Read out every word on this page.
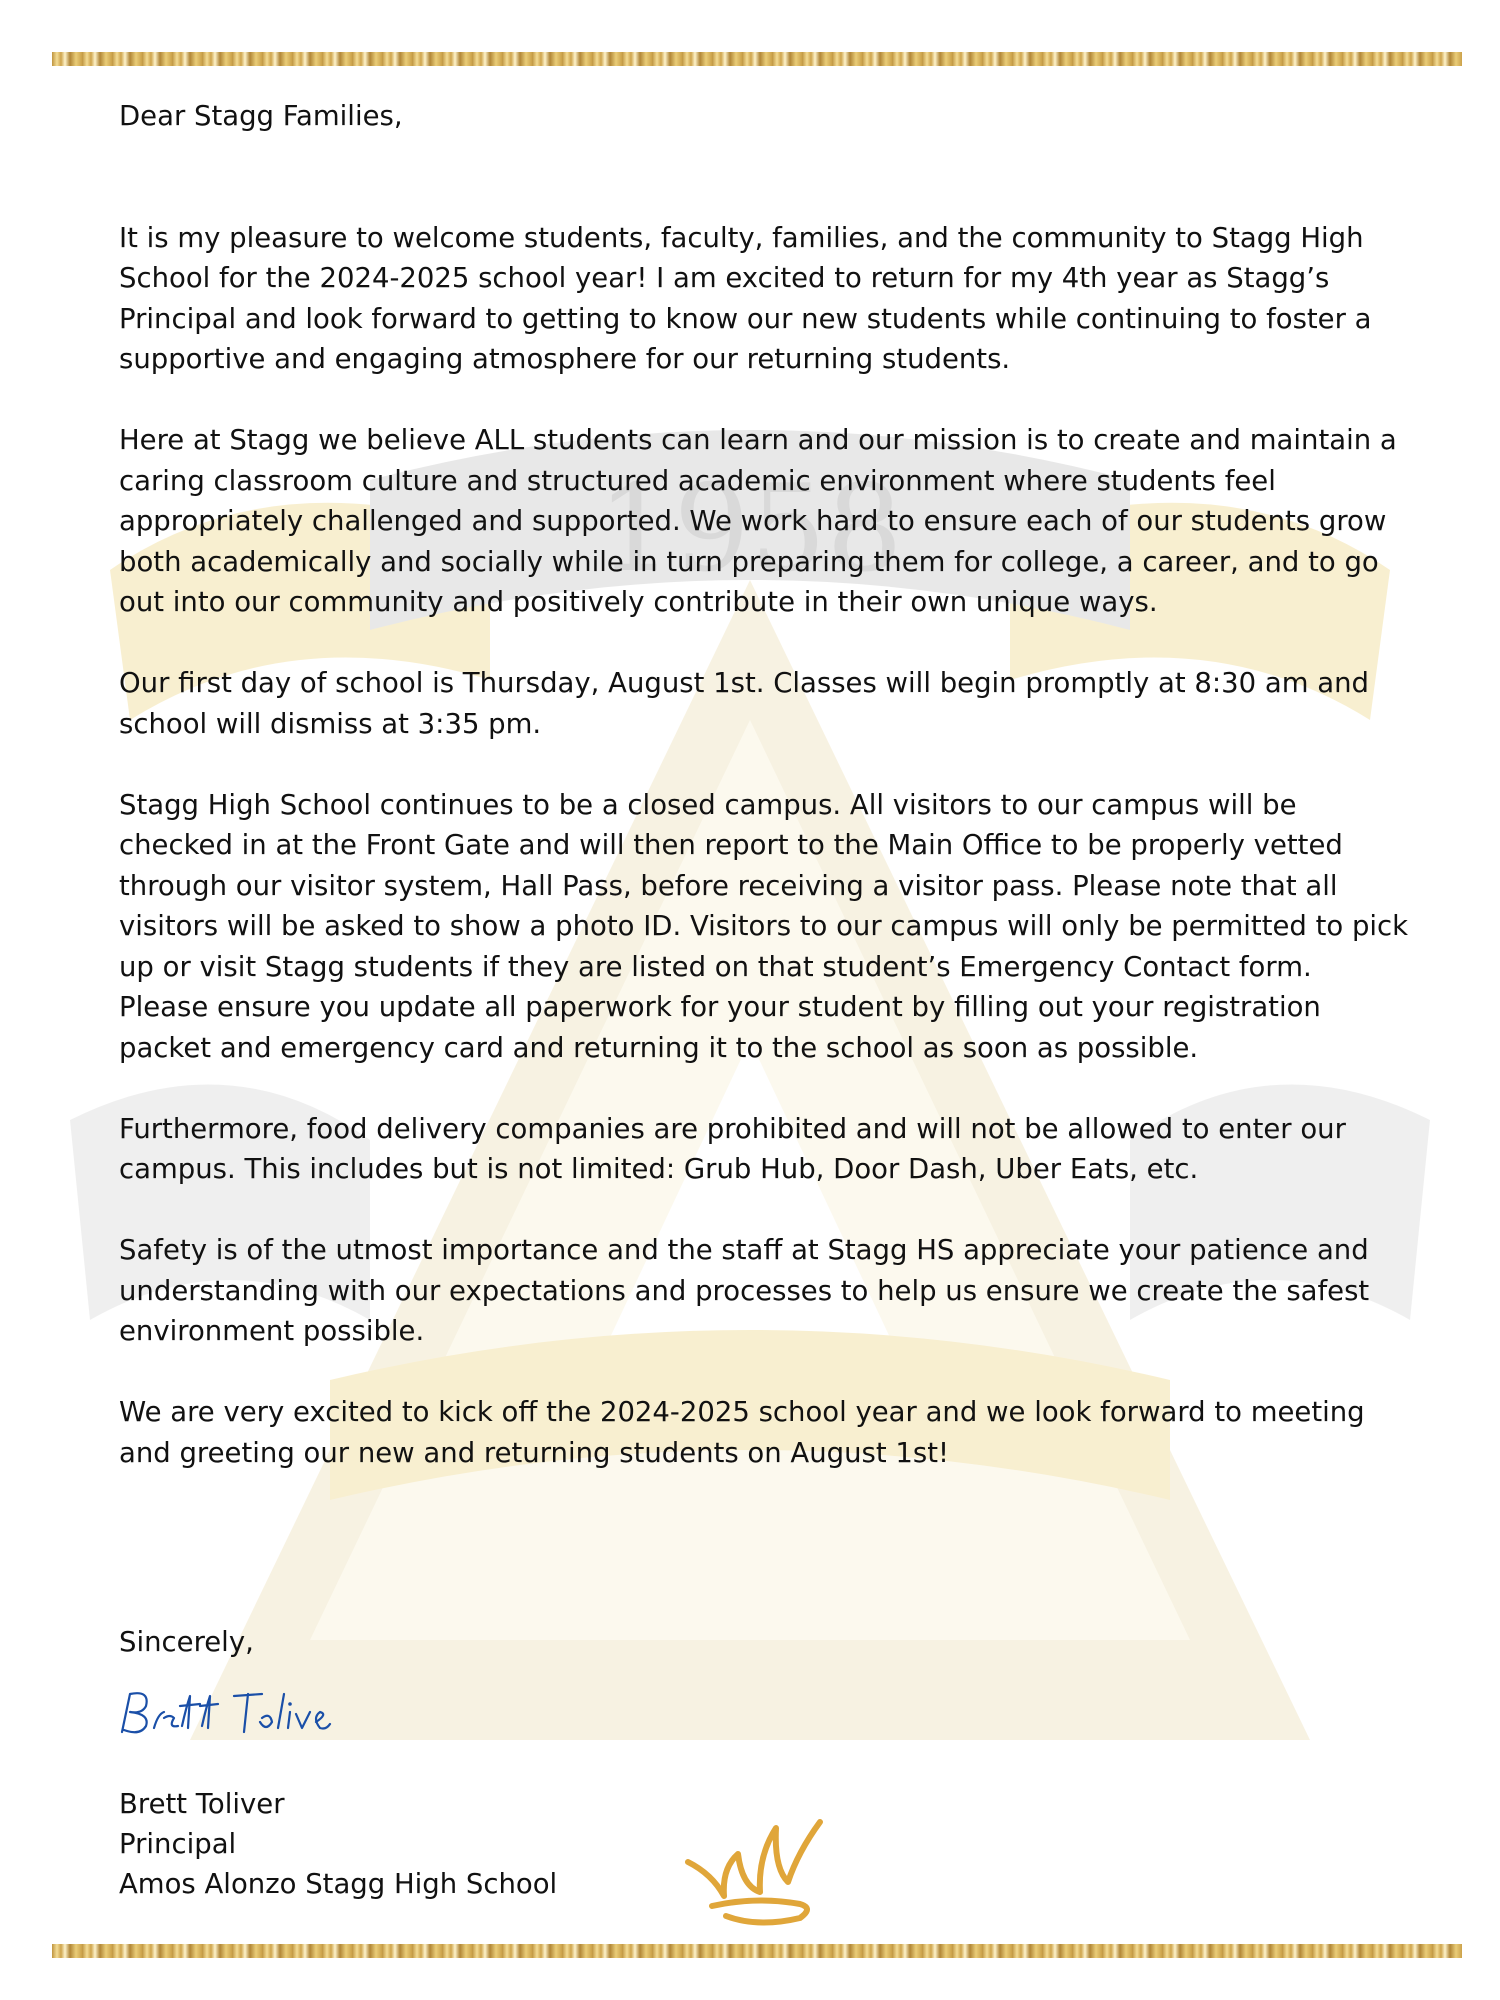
1958

Dear Stagg Families,

It is my pleasure to welcome students, faculty, families, and the community to Stagg High School for the 2024-2025 school year! I am excited to return for my 4th year as Stagg’s Principal and look forward to getting to know our new students while continuing to foster a supportive and engaging atmosphere for our returning students.

Here at Stagg we believe ALL students can learn and our mission is to create and maintain a caring classroom culture and structured academic environment where students feel appropriately challenged and supported. We work hard to ensure each of our students grow both academically and socially while in turn preparing them for college, a career, and to go out into our community and positively contribute in their own unique ways.

Our first day of school is Thursday, August 1st. Classes will begin promptly at 8:30 am and school will dismiss at 3:35 pm.

Stagg High School continues to be a closed campus. All visitors to our campus will be checked in at the Front Gate and will then report to the Main Office to be properly vetted through our visitor system, Hall Pass, before receiving a visitor pass. Please note that all visitors will be asked to show a photo ID. Visitors to our campus will only be permitted to pick up or visit Stagg students if they are listed on that student’s Emergency Contact form. Please ensure you update all paperwork for your student by filling out your registration packet and emergency card and returning it to the school as soon as possible.

Furthermore, food delivery companies are prohibited and will not be allowed to enter our campus. This includes but is not limited: Grub Hub, Door Dash, Uber Eats, etc.

Safety is of the utmost importance and the staff at Stagg HS appreciate your patience and understanding with our expectations and processes to help us ensure we create the safest environment possible.

We are very excited to kick off the 2024-2025 school year and we look forward to meeting and greeting our new and returning students on August 1st!

Sincerely,
Brett Toliver
Principal
Amos Alonzo Stagg High School
